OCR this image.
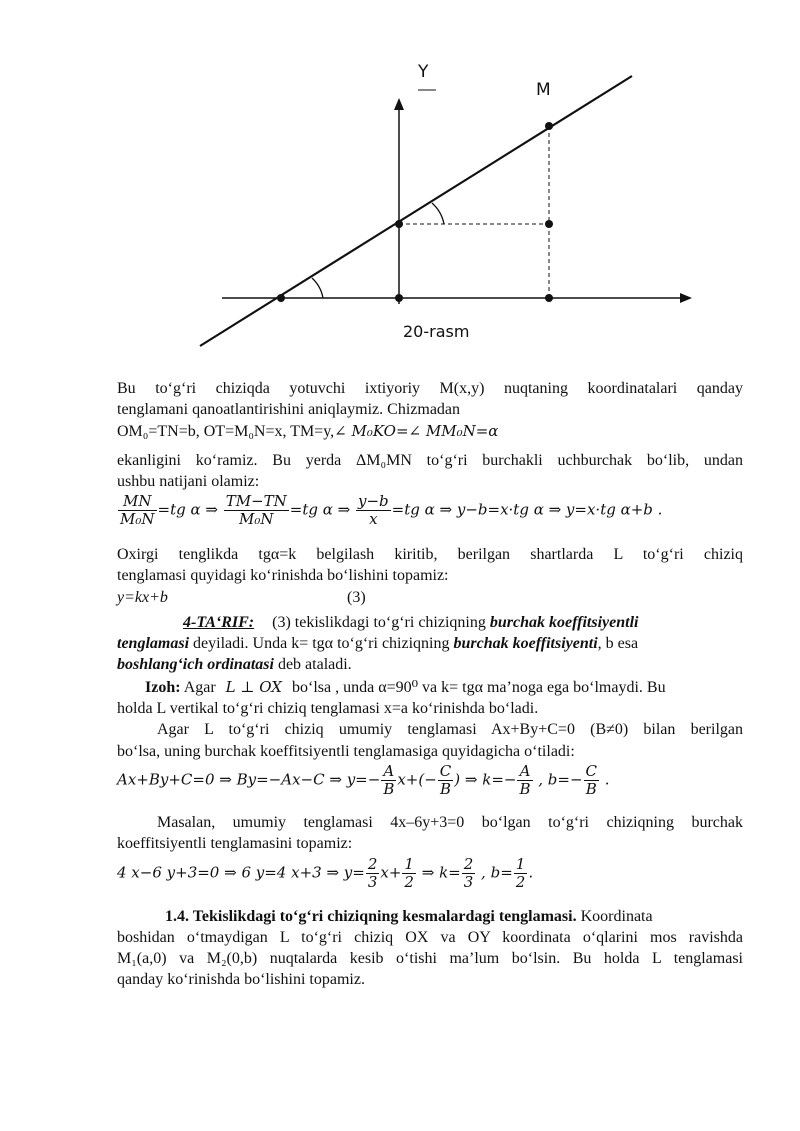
Y
M
20-rasm
Bu to‘g‘ri chiziqda yotuvchi ixtiyoriy M(x,y) nuqtaning koordinatalari qanday
tenglamani qanoatlantirishini aniqlaymiz. Chizmadan
OM₀=TN=b, OT=M₀N=x, TM=y,∠ M₀KO=∠ MM₀N=α
ekanligini ko‘ramiz. Bu yerda ΔM₀MN to‘g‘ri burchakli uchburchak bo‘lib, undan
ushbu natijani olamiz:
$\frac{MN}{\text{M₀N}} =tg$ α ⇒ $\frac{TM-TN}{\text{M₀N}} =tg$ α ⇒ $\frac{y-b}{x} =tg$ α ⇒ y−b=x·tg α ⇒ y=x·tg α+b .
Oxirgi tenglikda tgα=k belgilash kiritib, berilgan shartlarda L to‘g‘ri chiziq
tenglamasi quyidagi ko‘rinishda bo‘lishini topamiz:
y=kx+b	(3)
4-TA‘RIF: (3) tekislikdagi to‘g‘ri chiziqning burchak koeffitsiyentli
tenglamasi deyiladi. Unda k= tgα to‘g‘ri chiziqning burchak koeffitsiyenti, b esa
boshlang‘ich ordinatasi deb ataladi.
Izoh: Agar L ⊥ OX bo‘lsa , unda α=90⁰ va k= tgα ma’noga ega bo‘lmaydi. Bu
holda L vertikal to‘g‘ri chiziq tenglamasi x=a ko‘rinishda bo‘ladi.
Agar L to‘g‘ri chiziq umumiy tenglamasi Ax+By+C=0 (B≠0) bilan berilgan
bo‘lsa, uning burchak koeffitsiyentli tenglamasiga quyidagicha o‘tiladi:
Ax+By+C=0 ⇒ By=−Ax−C ⇒ $y=- \frac{A}{B} x+(- \frac{C}{B}$ ) ⇒ $k=- \frac{A}{B}$ , $b=- \frac{C}{B}$ .
Masalan, umumiy tenglamasi 4x–6y+3=0 bo‘lgan to‘g‘ri chiziqning burchak
koeffitsiyentli tenglamasini topamiz:
4 x−6 y+3=0 ⇒ 6 y=4 x+3 ⇒ $y= \frac{2}{3} x+ \frac{1}{2}$ ⇒ $k= \frac{2}{3}$ , $b= \frac{1}{2}$ .
1.4. Tekislikdagi to‘g‘ri chiziqning kesmalardagi tenglamasi. Koordinata
boshidan o‘tmaydigan L to‘g‘ri chiziq OX va OY koordinata o‘qlarini mos ravishda
M₁(a,0) va M₂(0,b) nuqtalarda kesib o‘tishi ma’lum bo‘lsin. Bu holda L tenglamasi
qanday ko‘rinishda bo‘lishini topamiz.
